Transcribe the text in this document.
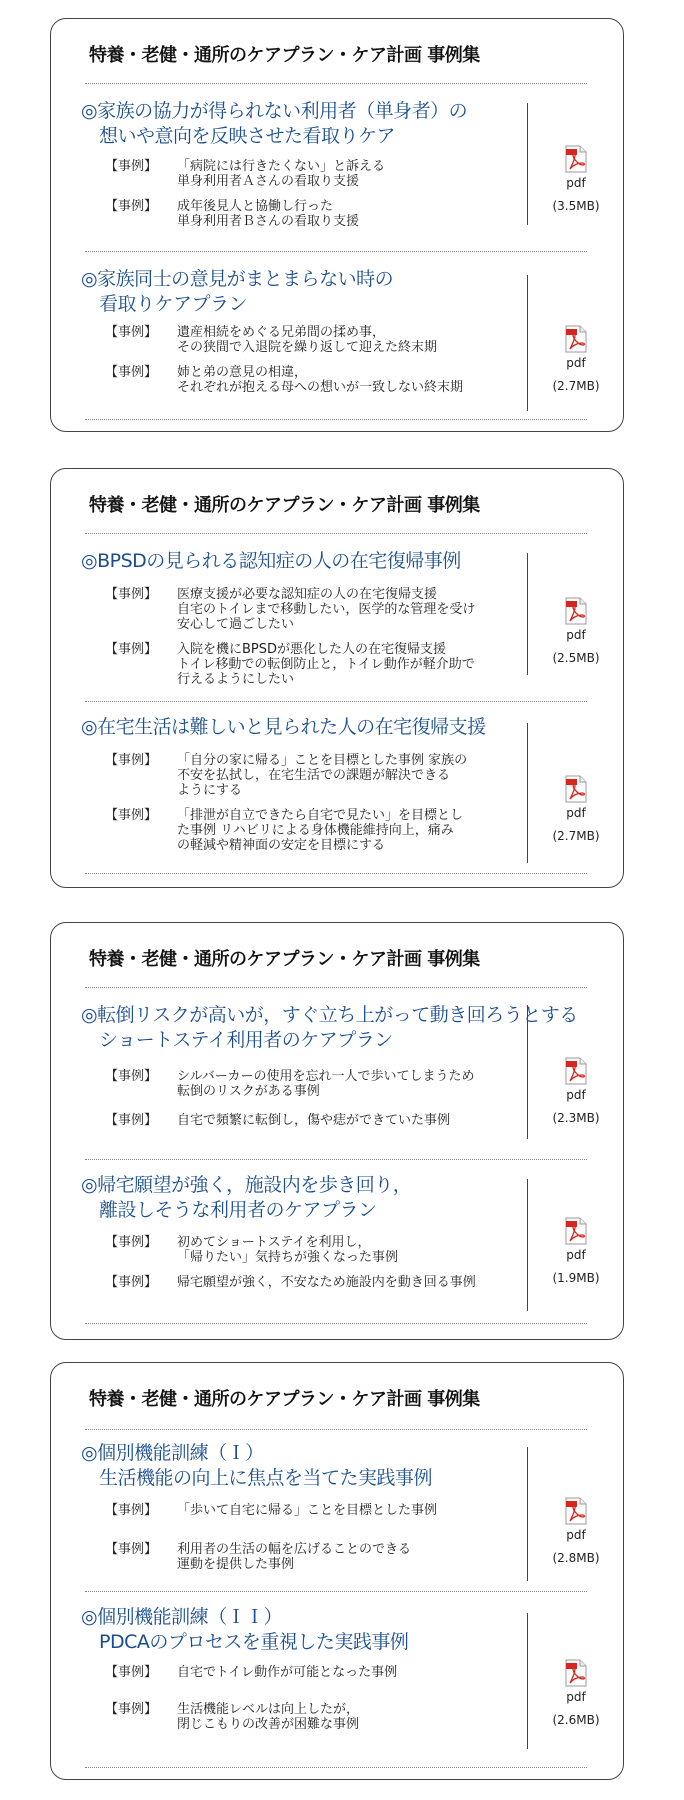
特養・老健・通所のケアプラン・ケア計画 事例集
◎家族の協力が得られない利用者（単身者）の
想いや意向を反映させた看取りケア
【事例】 「病院には行きたくない」と訴える
単身利用者Ａさんの看取り支援
【事例】 成年後見人と協働し行った
単身利用者Ｂさんの看取り支援
pdf
(3.5MB)
◎家族同士の意見がまとまらない時の
看取りケアプラン
【事例】 遺産相続をめぐる兄弟間の揉め事，
その狭間で入退院を繰り返して迎えた終末期
【事例】 姉と弟の意見の相違，
それぞれが抱える母への想いが一致しない終末期
pdf
(2.7MB)
特養・老健・通所のケアプラン・ケア計画 事例集
◎BPSDの見られる認知症の人の在宅復帰事例
【事例】 医療支援が必要な認知症の人の在宅復帰支援
自宅のトイレまで移動したい，医学的な管理を受け
安心して過ごしたい
【事例】 入院を機にBPSDが悪化した人の在宅復帰支援
トイレ移動での転倒防止と，トイレ動作が軽介助で
行えるようにしたい
pdf
(2.5MB)
◎在宅生活は難しいと見られた人の在宅復帰支援
【事例】 「自分の家に帰る」ことを目標とした事例 家族の
不安を払拭し，在宅生活での課題が解決できる
ようにする
【事例】 「排泄が自立できたら自宅で見たい」を目標とし
た事例 リハビリによる身体機能維持向上，痛み
の軽減や精神面の安定を目標にする
pdf
(2.7MB)
特養・老健・通所のケアプラン・ケア計画 事例集
◎転倒リスクが高いが，すぐ立ち上がって動き回ろうとする
ショートステイ利用者のケアプラン
【事例】 シルバーカーの使用を忘れ一人で歩いてしまうため
転倒のリスクがある事例
【事例】 自宅で頻繁に転倒し，傷や痣ができていた事例
pdf
(2.3MB)
◎帰宅願望が強く，施設内を歩き回り，
離設しそうな利用者のケアプラン
【事例】 初めてショートステイを利用し，
「帰りたい」気持ちが強くなった事例
【事例】 帰宅願望が強く，不安なため施設内を動き回る事例
pdf
(1.9MB)
特養・老健・通所のケアプラン・ケア計画 事例集
◎個別機能訓練（Ｉ）
生活機能の向上に焦点を当てた実践事例
【事例】 「歩いて自宅に帰る」ことを目標とした事例
【事例】 利用者の生活の幅を広げることのできる
運動を提供した事例
pdf
(2.8MB)
◎個別機能訓練（ＩＩ）
PDCAのプロセスを重視した実践事例
【事例】 自宅でトイレ動作が可能となった事例
【事例】 生活機能レベルは向上したが，
閉じこもりの改善が困難な事例
pdf
(2.6MB)
